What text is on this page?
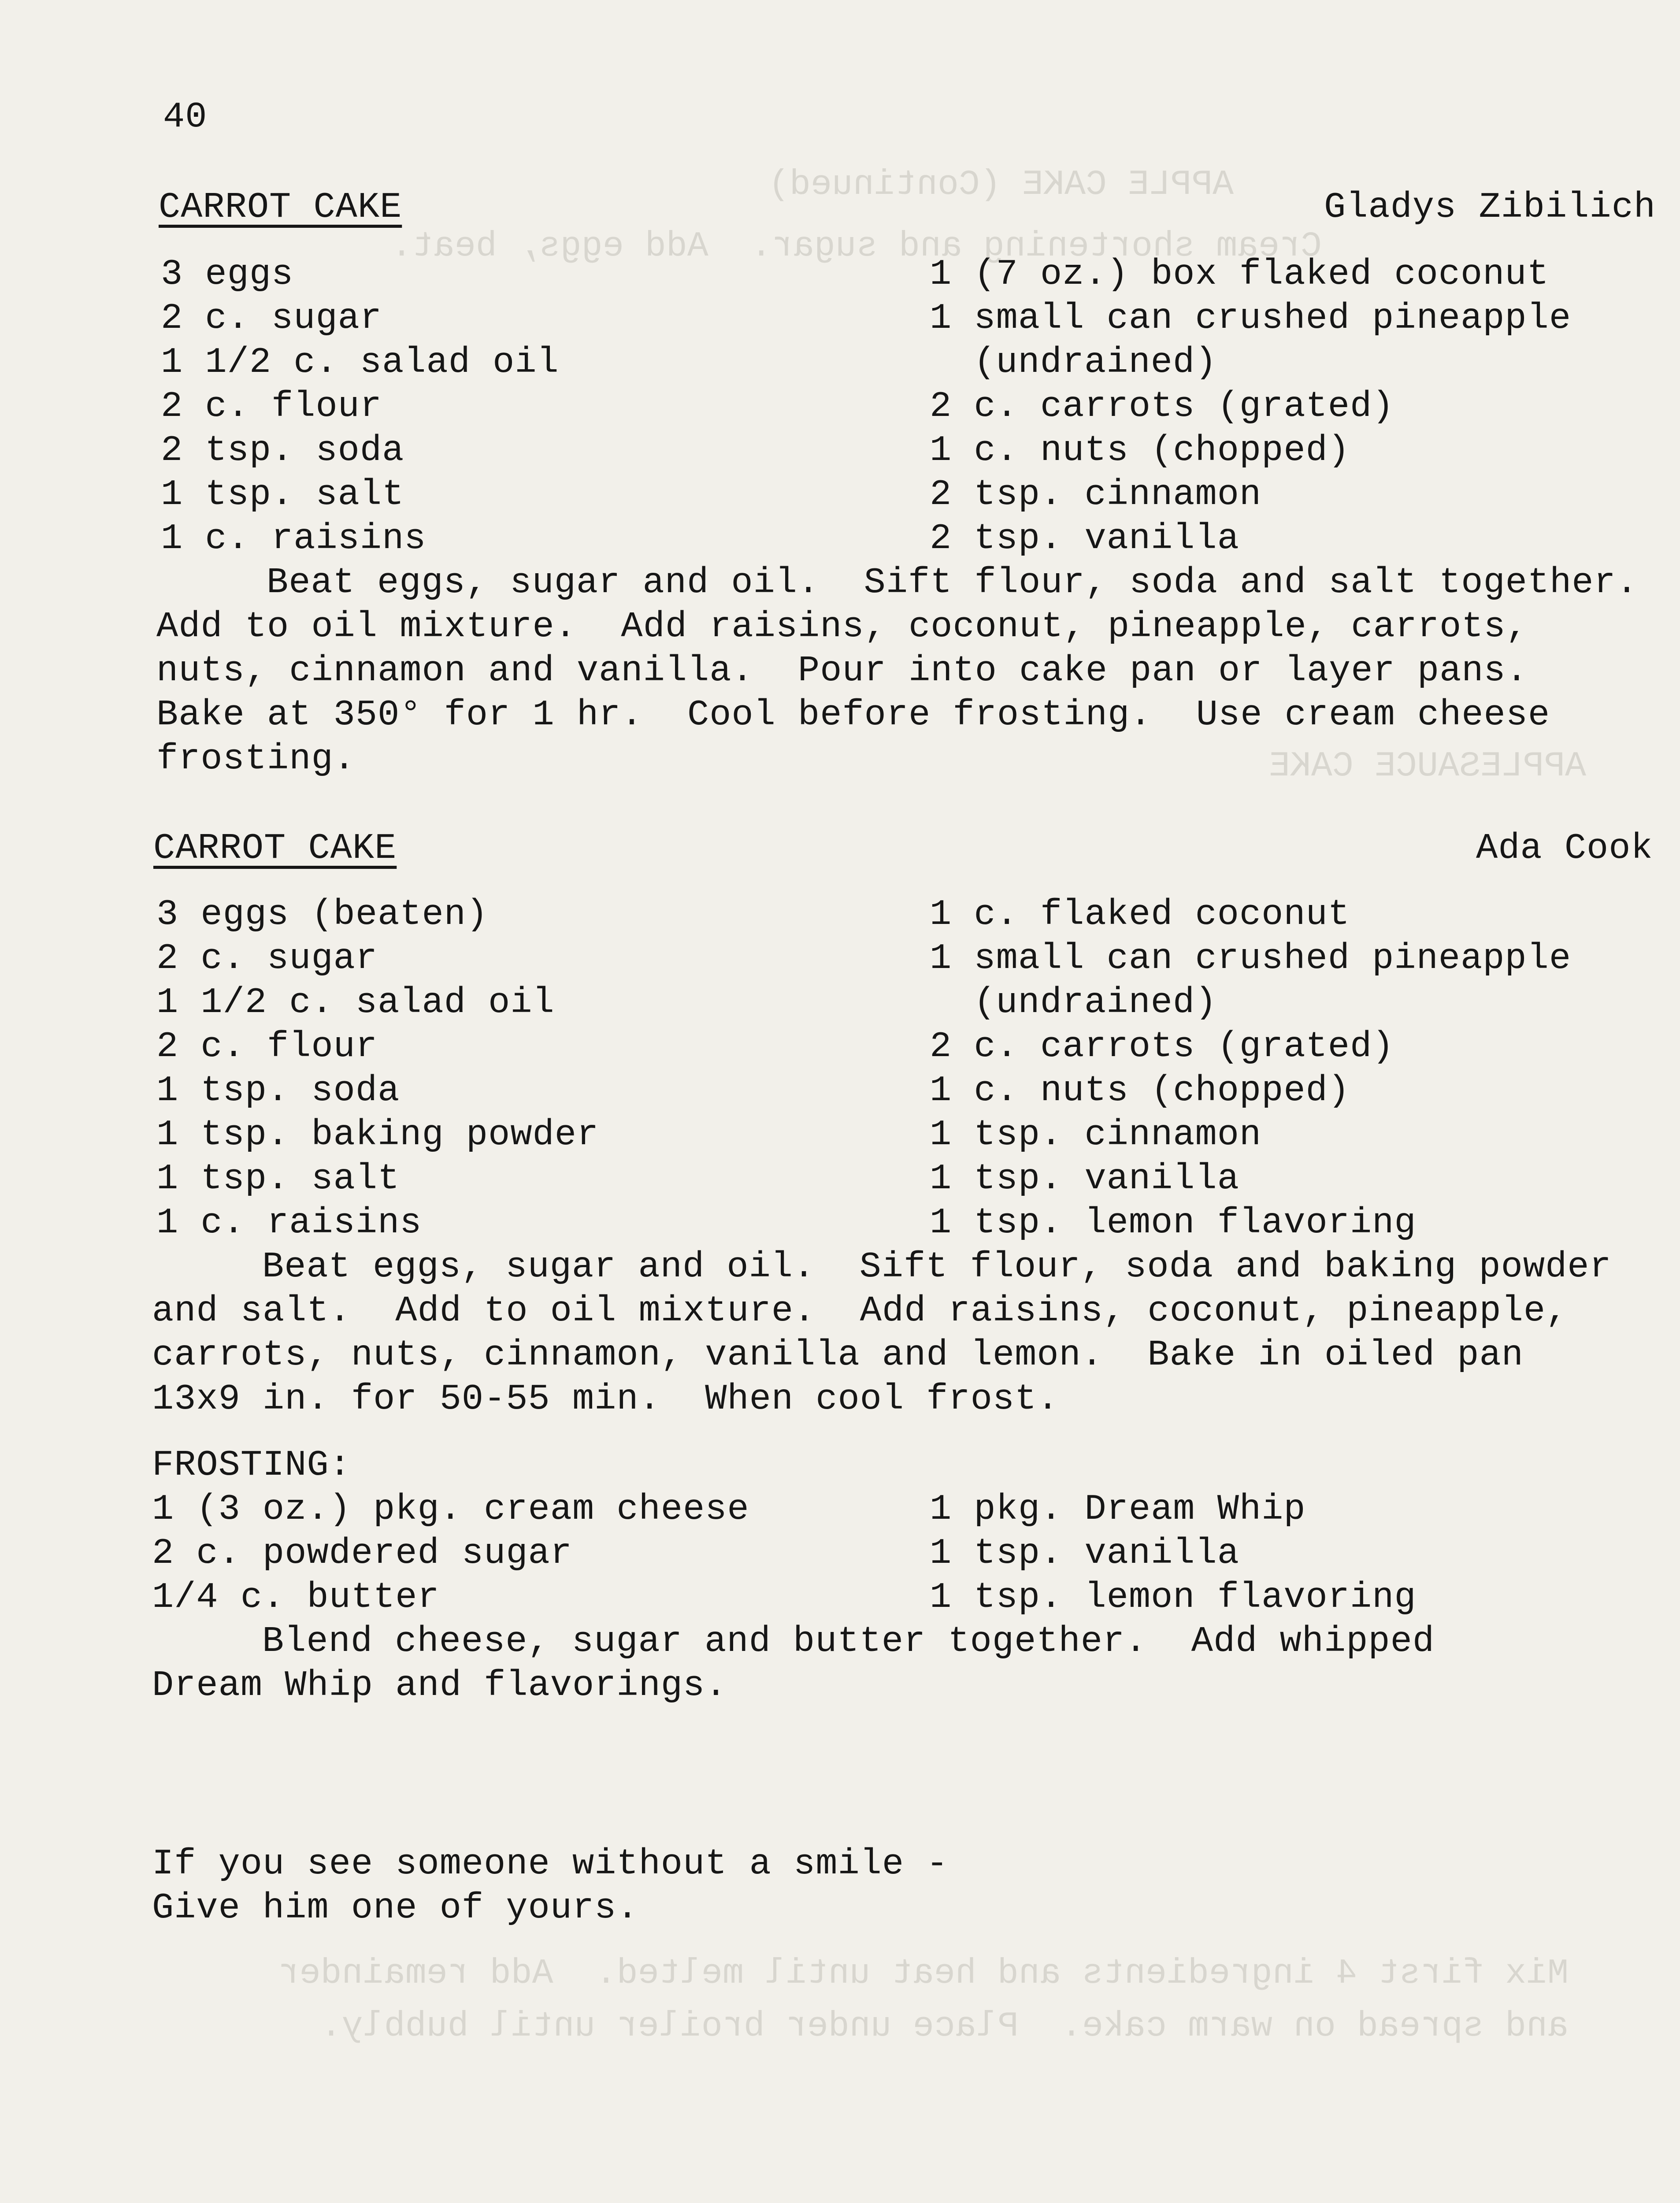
APPLE CAKE (Continued)
Cream shortening and sugar.  Add eggs, beat.
APPLESAUCE CAKE
Mix first 4 ingredients and heat until melted.  Add remainder
and spread on warm cake.  Place under broiler until bubbly.
40
CARROT CAKE	Gladys Zibilich
3 eggs
2 c. sugar
1 1/2 c. salad oil
2 c. flour
2 tsp. soda
1 tsp. salt
1 c. raisins
1 (7 oz.) box flaked coconut
1 small can crushed pineapple
(undrained)
2 c. carrots (grated)
1 c. nuts (chopped)
2 tsp. cinnamon
2 tsp. vanilla
Beat eggs, sugar and oil.  Sift flour, soda and salt together.
Add to oil mixture.  Add raisins, coconut, pineapple, carrots,
nuts, cinnamon and vanilla.  Pour into cake pan or layer pans.
Bake at 350° for 1 hr.  Cool before frosting.  Use cream cheese
frosting.
CARROT CAKE	Ada Cook
3 eggs (beaten)
2 c. sugar
1 1/2 c. salad oil
2 c. flour
1 tsp. soda
1 tsp. baking powder
1 tsp. salt
1 c. raisins
1 c. flaked coconut
1 small can crushed pineapple
(undrained)
2 c. carrots (grated)
1 c. nuts (chopped)
1 tsp. cinnamon
1 tsp. vanilla
1 tsp. lemon flavoring
Beat eggs, sugar and oil.  Sift flour, soda and baking powder
and salt.  Add to oil mixture.  Add raisins, coconut, pineapple,
carrots, nuts, cinnamon, vanilla and lemon.  Bake in oiled pan
13x9 in. for 50-55 min.  When cool frost.
FROSTING:
1 (3 oz.) pkg. cream cheese
2 c. powdered sugar
1/4 c. butter
1 pkg. Dream Whip
1 tsp. vanilla
1 tsp. lemon flavoring
Blend cheese, sugar and butter together.  Add whipped
Dream Whip and flavorings.
If you see someone without a smile -
Give him one of yours.
